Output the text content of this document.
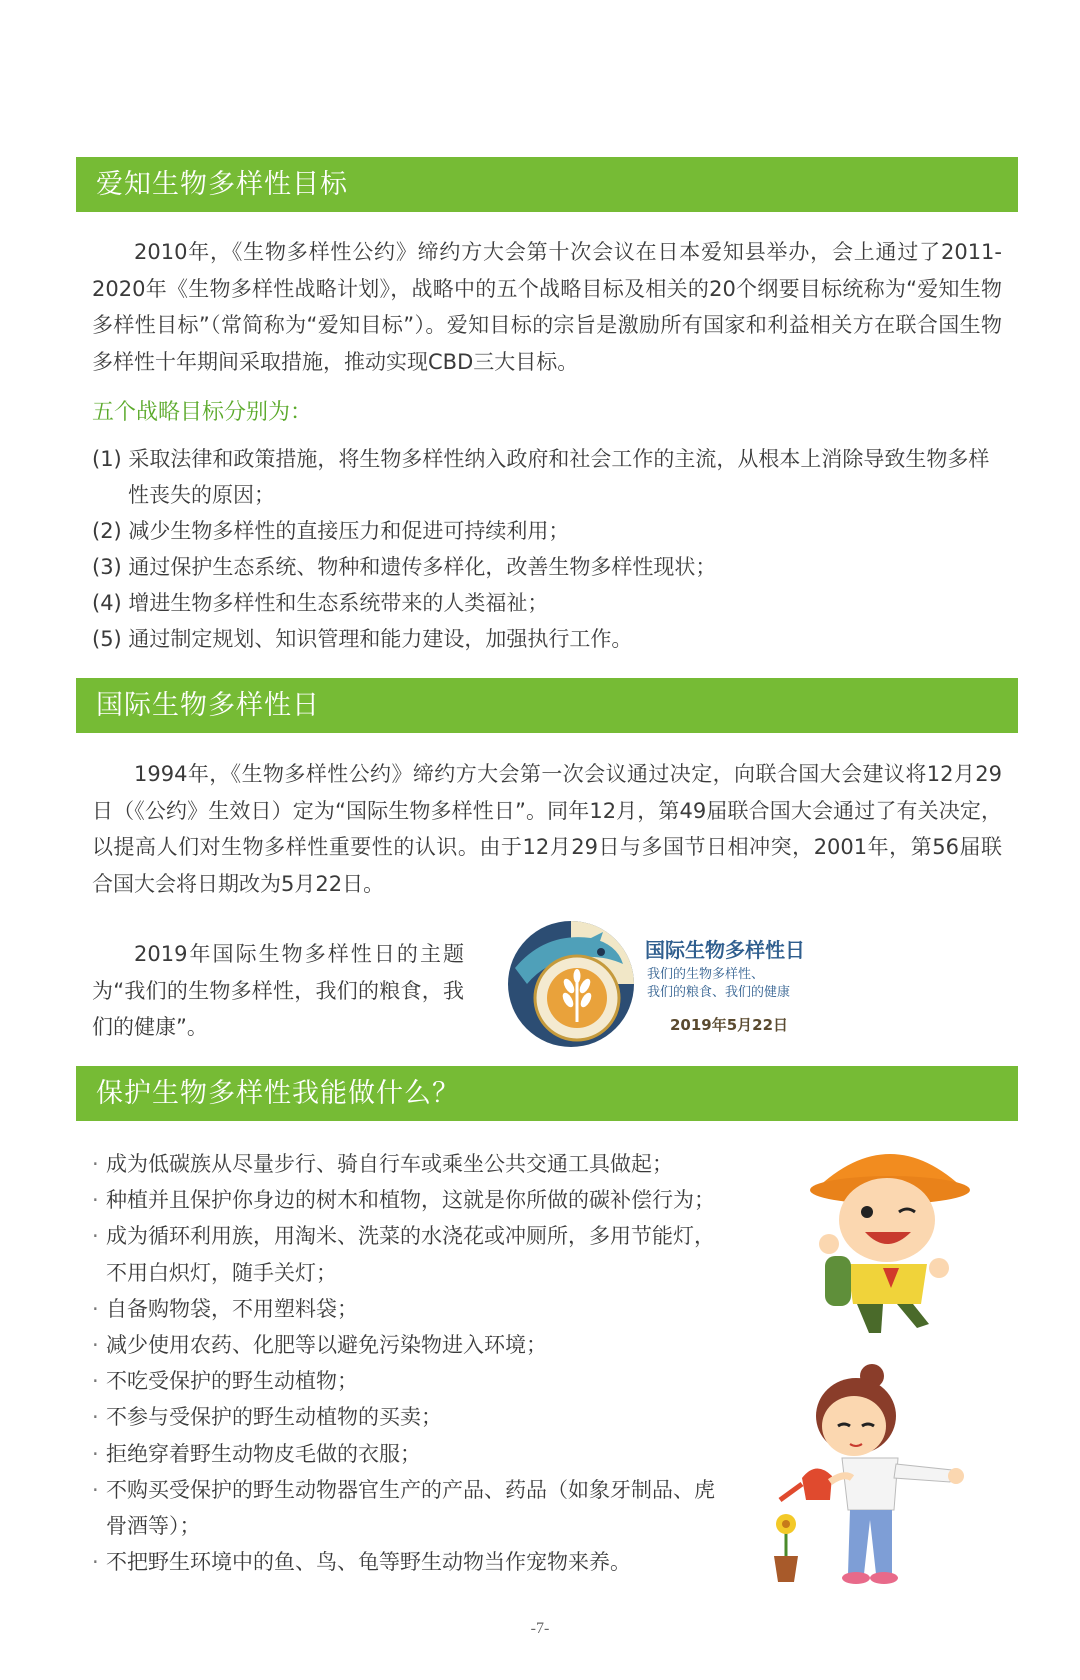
爱知生物多样性目标

2010年，《生物多样性公约》缔约方大会第十次会议在日本爱知县举办，会上通过了2011-2020年《生物多样性战略计划》，战略中的五个战略目标及相关的20个纲要目标统称为“爱知生物多样性目标”（常简称为“爱知目标”）。爱知目标的宗旨是激励所有国家和利益相关方在联合国生物多样性十年期间采取措施，推动实现CBD三大目标。

五个战略目标分别为：
(1) 采取法律和政策措施，将生物多样性纳入政府和社会工作的主流，从根本上消除导致生物多样性丧失的原因；
(2) 减少生物多样性的直接压力和促进可持续利用；
(3) 通过保护生态系统、物种和遗传多样化，改善生物多样性现状；
(4) 增进生物多样性和生态系统带来的人类福祉；
(5) 通过制定规划、知识管理和能力建设，加强执行工作。
国际生物多样性日

1994年，《生物多样性公约》缔约方大会第一次会议通过决定，向联合国大会建议将12月29日（《公约》生效日）定为“国际生物多样性日”。同年12月，第49届联合国大会通过了有关决定，以提高人们对生物多样性重要性的认识。由于12月29日与多国节日相冲突，2001年，第56届联合国大会将日期改为5月22日。

2019年国际生物多样性日的主题为“我们的生物多样性，我们的粮食，我们的健康”。

国际生物多样性日
我们的生物多样性、
我们的粮食、我们的健康
2019年5月22日
保护生物多样性我能做什么？
· 成为低碳族从尽量步行、骑自行车或乘坐公共交通工具做起；
· 种植并且保护你身边的树木和植物，这就是你所做的碳补偿行为；
· 成为循环利用族，用淘米、洗菜的水浇花或冲厕所，多用节能灯，不用白炽灯，随手关灯；
· 自备购物袋，不用塑料袋；
· 减少使用农药、化肥等以避免污染物进入环境；
· 不吃受保护的野生动植物；
· 不参与受保护的野生动植物的买卖；
· 拒绝穿着野生动物皮毛做的衣服；
· 不购买受保护的野生动物器官生产的产品、药品（如象牙制品、虎骨酒等）；
· 不把野生环境中的鱼、鸟、龟等野生动物当作宠物来养。
-7-
